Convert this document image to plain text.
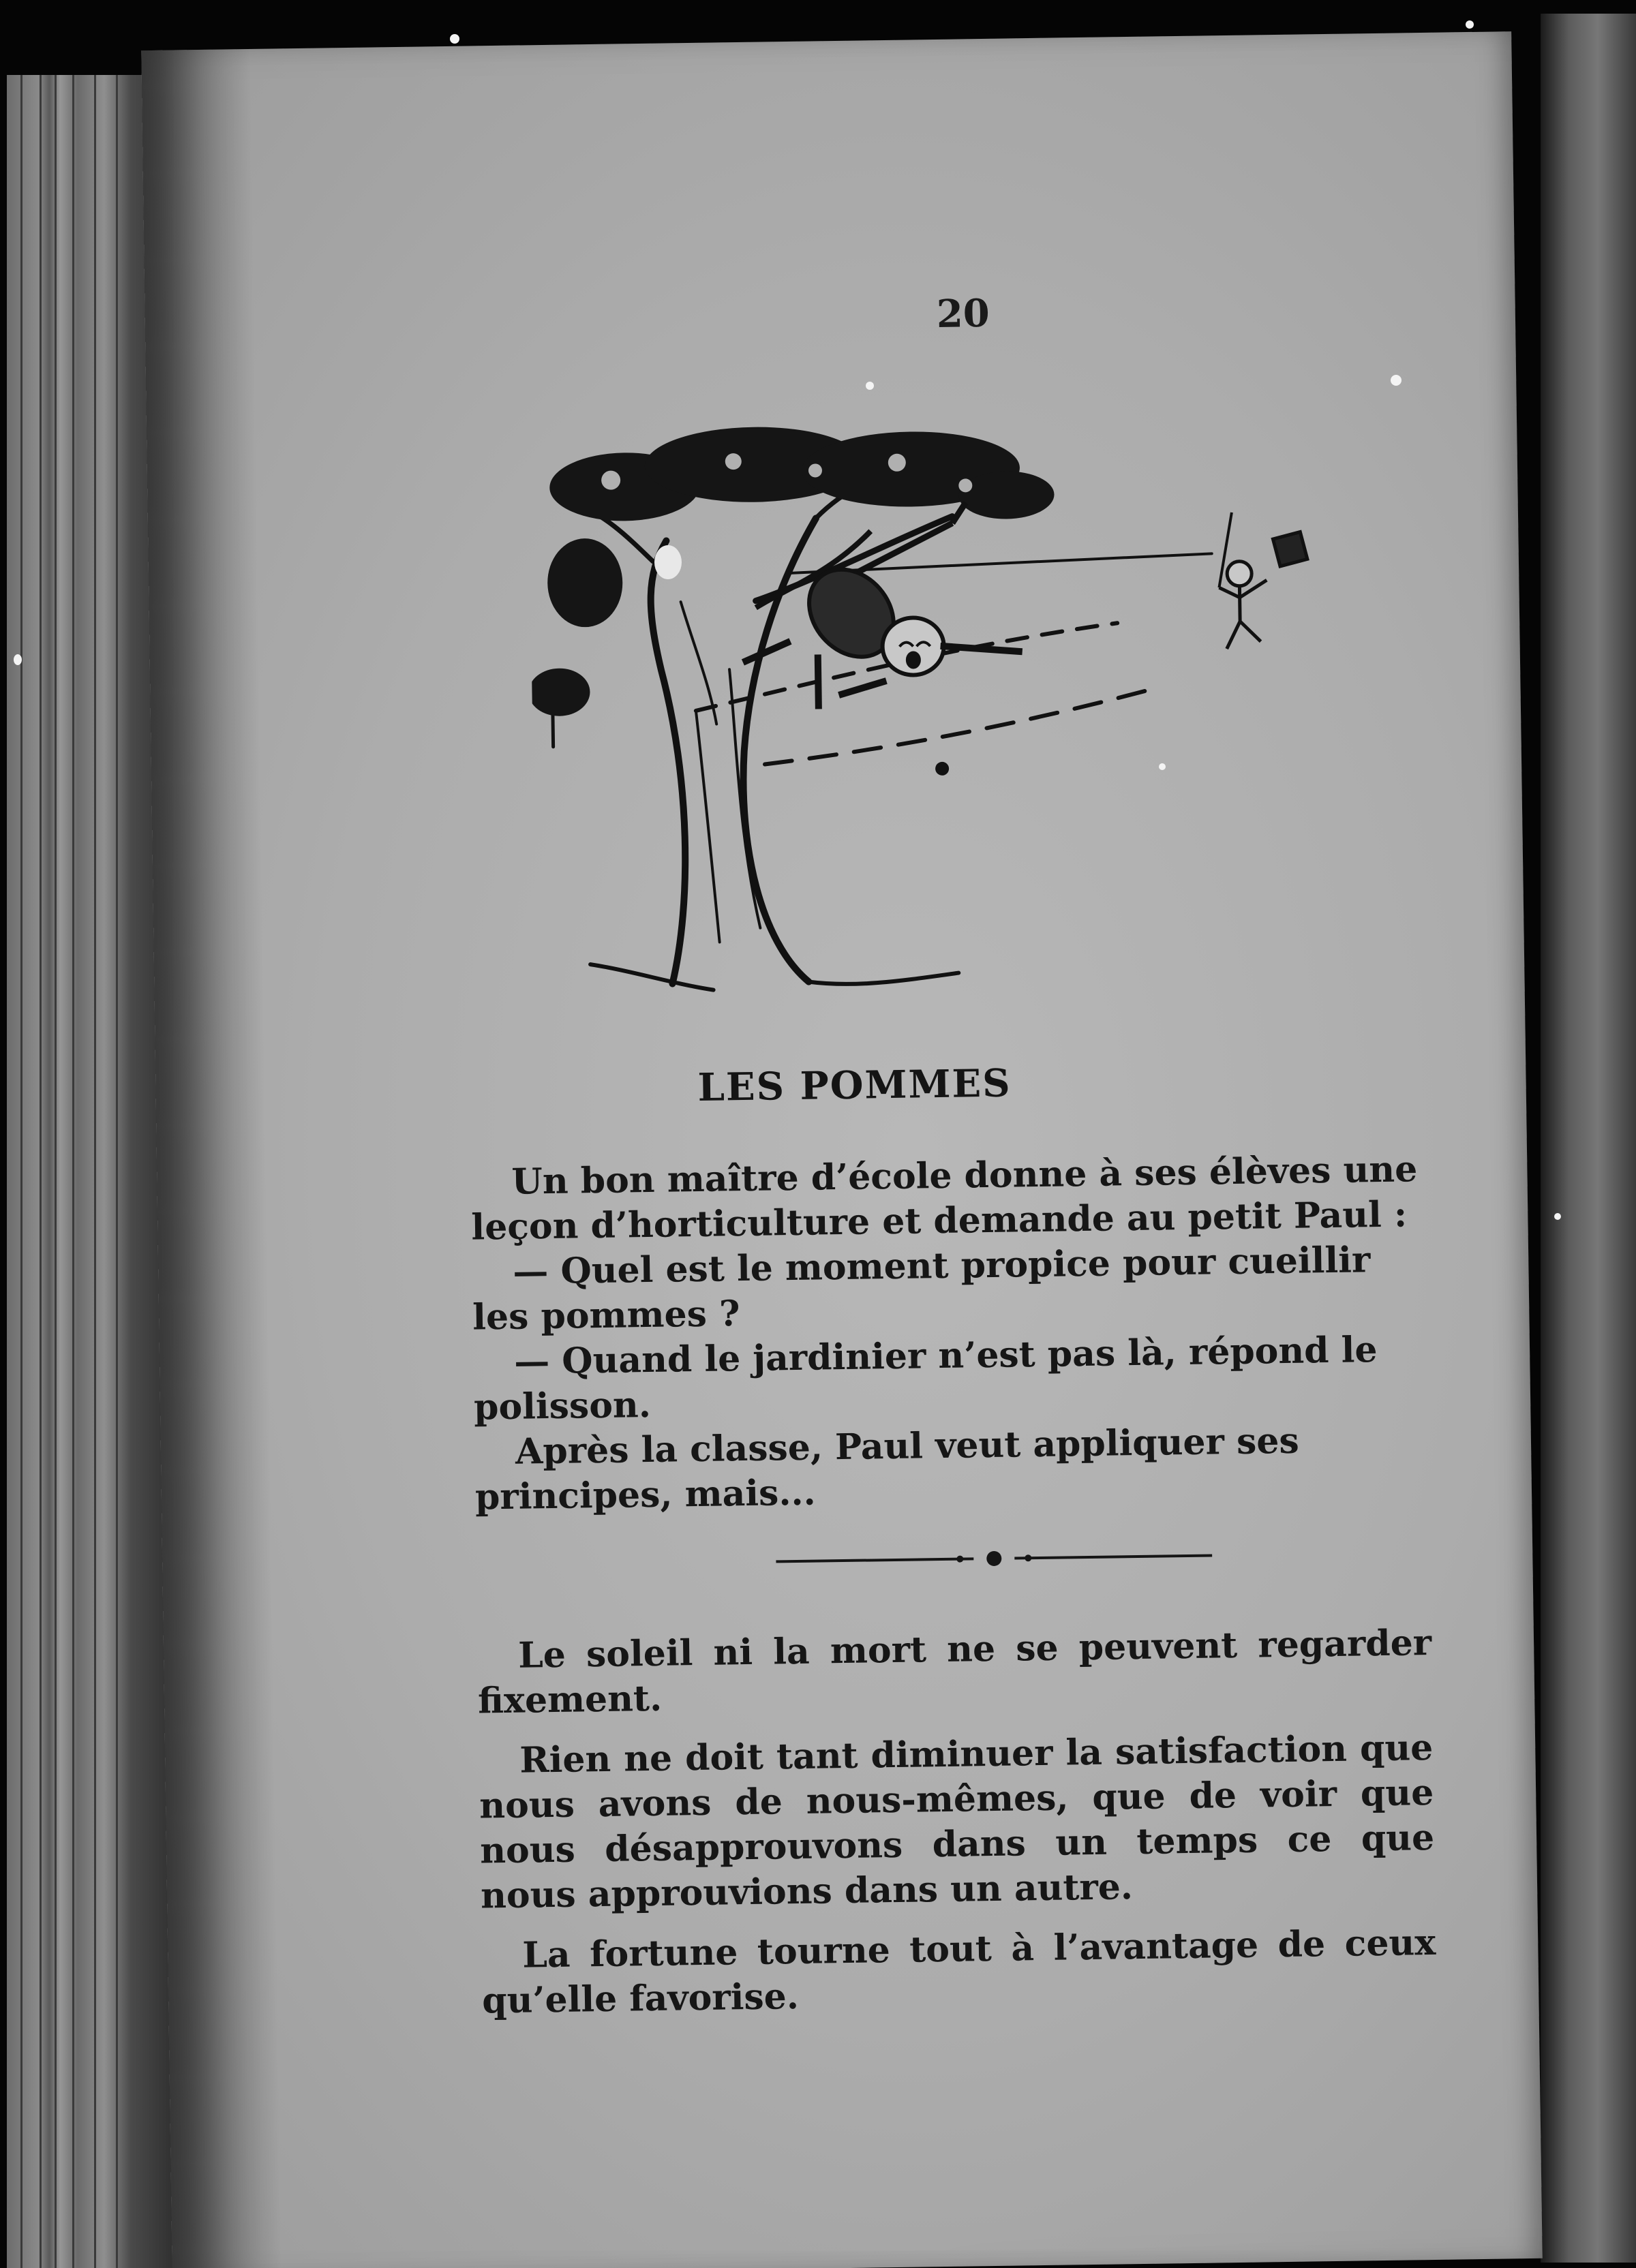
20
LES POMMES

Un bon maître d’école donne à ses élèves une leçon d’horticulture et demande au petit Paul :

— Quel est le moment propice pour cueillir les pommes ?

— Quand le jardinier n’est pas là, répond le polisson.

Après la classe, Paul veut appliquer ses principes, mais...

Le soleil ni la mort ne se peuvent regarder fixement.

Rien ne doit tant diminuer la satisfaction que nous avons de nous-mêmes, que de voir que nous désapprouvons dans un temps ce que nous approuvions dans un autre.

La fortune tourne tout à l’avantage de ceux qu’elle favorise.
